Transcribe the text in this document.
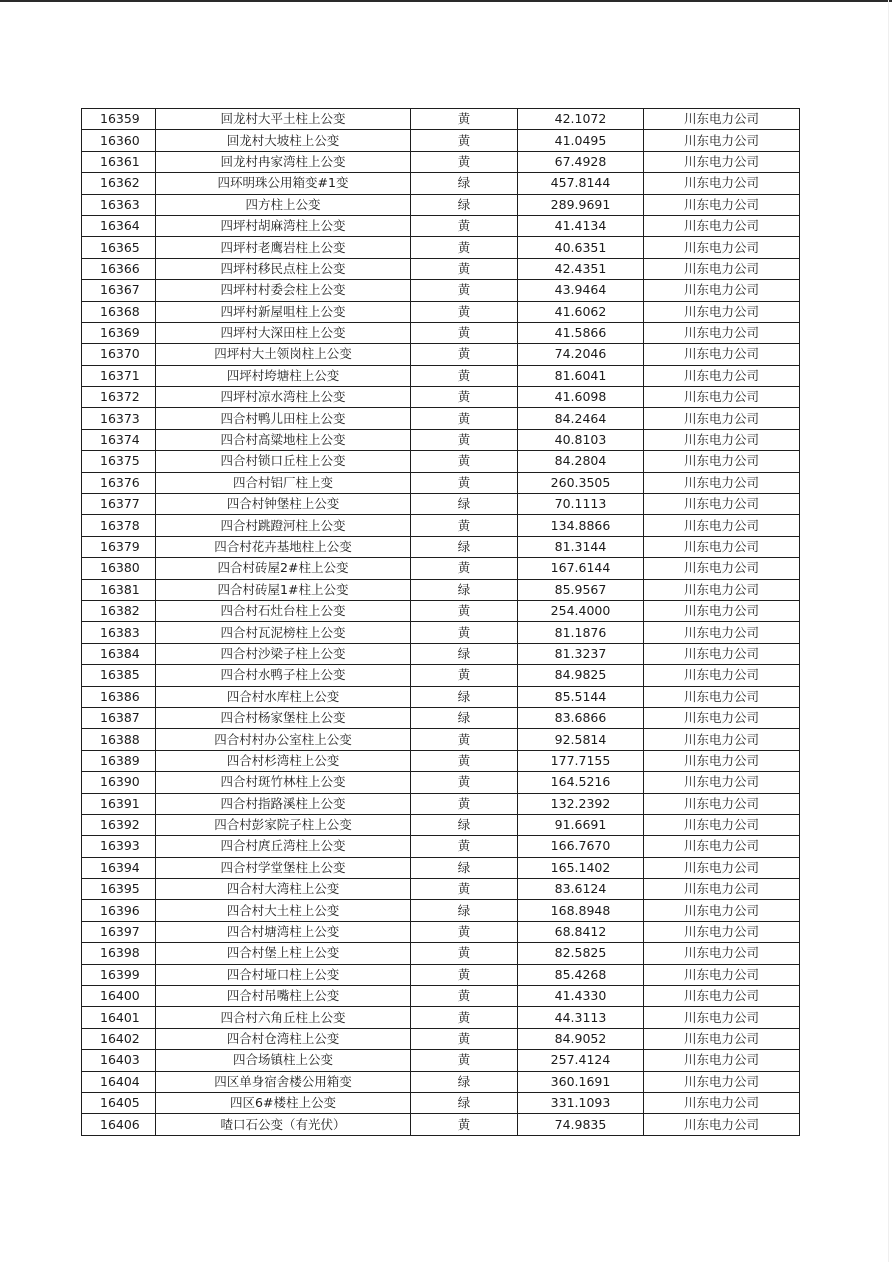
16359	回龙村大平土柱上公变	黄	42.1072	川东电力公司
16360	回龙村大坡柱上公变	黄	41.0495	川东电力公司
16361	回龙村冉家湾柱上公变	黄	67.4928	川东电力公司
16362	四环明珠公用箱变#1变	绿	457.8144	川东电力公司
16363	四方柱上公变	绿	289.9691	川东电力公司
16364	四坪村胡麻湾柱上公变	黄	41.4134	川东电力公司
16365	四坪村老鹰岩柱上公变	黄	40.6351	川东电力公司
16366	四坪村移民点柱上公变	黄	42.4351	川东电力公司
16367	四坪村村委会柱上公变	黄	43.9464	川东电力公司
16368	四坪村新屋咀柱上公变	黄	41.6062	川东电力公司
16369	四坪村大深田柱上公变	黄	41.5866	川东电力公司
16370	四坪村大土领岗柱上公变	黄	74.2046	川东电力公司
16371	四坪村垮塘柱上公变	黄	81.6041	川东电力公司
16372	四坪村凉水湾柱上公变	黄	41.6098	川东电力公司
16373	四合村鸭儿田柱上公变	黄	84.2464	川东电力公司
16374	四合村高粱地柱上公变	黄	40.8103	川东电力公司
16375	四合村锁口丘柱上公变	黄	84.2804	川东电力公司
16376	四合村铝厂柱上变	黄	260.3505	川东电力公司
16377	四合村钟堡柱上公变	绿	70.1113	川东电力公司
16378	四合村跳蹬河柱上公变	黄	134.8866	川东电力公司
16379	四合村花卉基地柱上公变	绿	81.3144	川东电力公司
16380	四合村砖屋2#柱上公变	黄	167.6144	川东电力公司
16381	四合村砖屋1#柱上公变	绿	85.9567	川东电力公司
16382	四合村石灶台柱上公变	黄	254.4000	川东电力公司
16383	四合村瓦泥榜柱上公变	黄	81.1876	川东电力公司
16384	四合村沙梁子柱上公变	绿	81.3237	川东电力公司
16385	四合村水鸭子柱上公变	黄	84.9825	川东电力公司
16386	四合村水库柱上公变	绿	85.5144	川东电力公司
16387	四合村杨家堡柱上公变	绿	83.6866	川东电力公司
16388	四合村村办公室柱上公变	黄	92.5814	川东电力公司
16389	四合村杉湾柱上公变	黄	177.7155	川东电力公司
16390	四合村斑竹林柱上公变	黄	164.5216	川东电力公司
16391	四合村指路溪柱上公变	黄	132.2392	川东电力公司
16392	四合村彭家院子柱上公变	绿	91.6691	川东电力公司
16393	四合村庹丘湾柱上公变	黄	166.7670	川东电力公司
16394	四合村学堂堡柱上公变	绿	165.1402	川东电力公司
16395	四合村大湾柱上公变	黄	83.6124	川东电力公司
16396	四合村大土柱上公变	绿	168.8948	川东电力公司
16397	四合村塘湾柱上公变	黄	68.8412	川东电力公司
16398	四合村堡上柱上公变	黄	82.5825	川东电力公司
16399	四合村垭口柱上公变	黄	85.4268	川东电力公司
16400	四合村吊嘴柱上公变	黄	41.4330	川东电力公司
16401	四合村六角丘柱上公变	黄	44.3113	川东电力公司
16402	四合村仓湾柱上公变	黄	84.9052	川东电力公司
16403	四合场镇柱上公变	黄	257.4124	川东电力公司
16404	四区单身宿舍楼公用箱变	绿	360.1691	川东电力公司
16405	四区6#楼柱上公变	绿	331.1093	川东电力公司
16406	喳口石公变（有光伏）	黄	74.9835	川东电力公司
